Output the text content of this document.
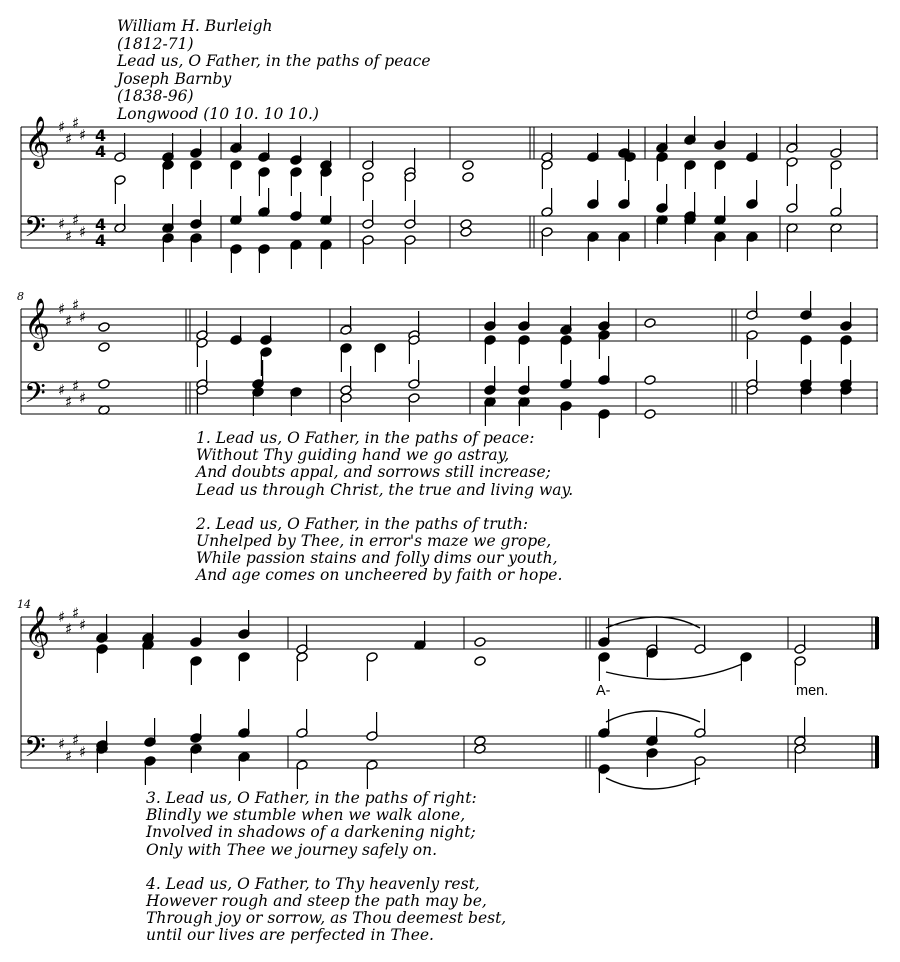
William H. Burleigh
(1812-71)
Lead us, O Father, in the paths of peace
Joseph Barnby
(1838-96)
Longwood (10 10. 10 10.)
𝄞
𝄢
♯
♯
♯
♯
♯
♯
♯
♯
4
4
4
4
𝄞
𝄢
♯
♯
♯
♯
♯
♯
♯
♯
𝄞
𝄢
♯
♯
♯
♯
♯
♯
♯
♯
8
14
A-	men.
1. Lead us, O Father, in the paths of peace:
Without Thy guiding hand we go astray,
And doubts appal, and sorrows still increase;
Lead us through Christ, the true and living way.
2. Lead us, O Father, in the paths of truth:
Unhelped by Thee, in error's maze we grope,
While passion stains and folly dims our youth,
And age comes on uncheered by faith or hope.
3. Lead us, O Father, in the paths of right:
Blindly we stumble when we walk alone,
Involved in shadows of a darkening night;
Only with Thee we journey safely on.
4. Lead us, O Father, to Thy heavenly rest,
However rough and steep the path may be,
Through joy or sorrow, as Thou deemest best,
until our lives are perfected in Thee.
